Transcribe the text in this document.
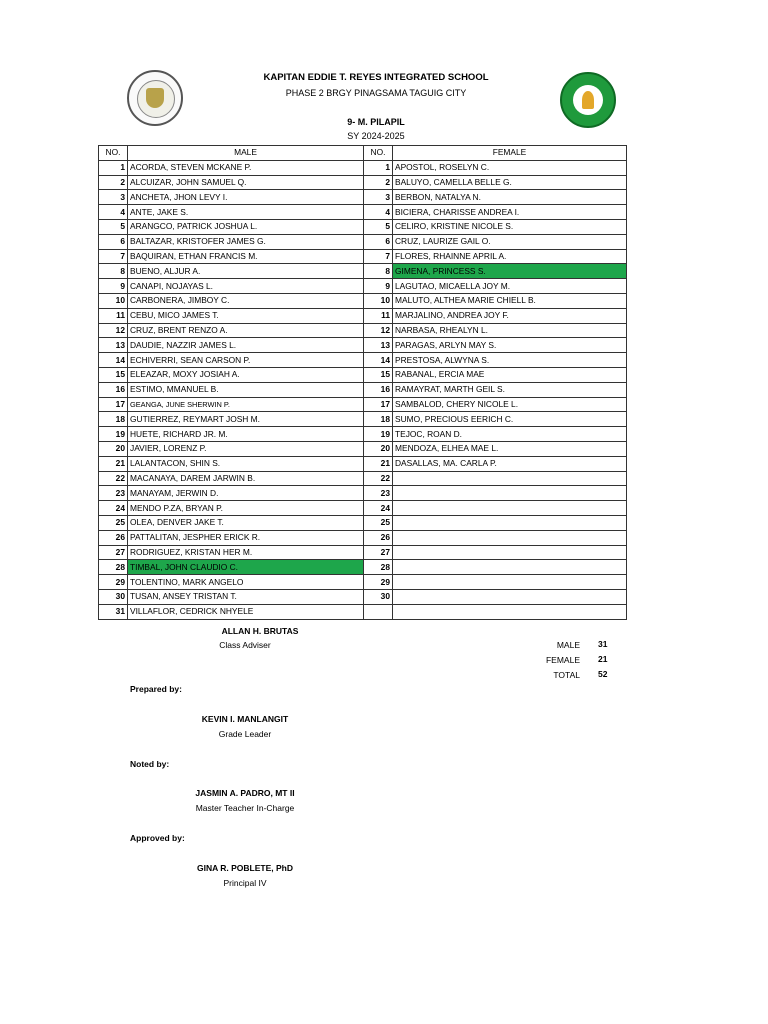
KAPITAN EDDIE T. REYES INTEGRATED SCHOOL
PHASE 2 BRGY PINAGSAMA TAGUIG CITY
9- M. PILAPIL
SY 2024-2025
NO.	MALE	NO.	FEMALE
1	ACORDA, STEVEN MCKANE P.	1	APOSTOL, ROSELYN C.
2	ALCUIZAR, JOHN SAMUEL Q.	2	BALUYO, CAMELLA BELLE G.
3	ANCHETA, JHON LEVY I.	3	BERBON, NATALYA N.
4	ANTE, JAKE S.	4	BICIERA, CHARISSE ANDREA I.
5	ARANGCO, PATRICK JOSHUA L.	5	CELIRO, KRISTINE NICOLE S.
6	BALTAZAR, KRISTOFER JAMES G.	6	CRUZ, LAURIZE GAIL O.
7	BAQUIRAN, ETHAN FRANCIS M.	7	FLORES, RHAINNE APRIL A.
8	BUENO, ALJUR A.	8	GIMENA, PRINCESS S.
9	CANAPI, NOJAYAS L.	9	LAGUTAO, MICAELLA JOY M.
10	CARBONERA, JIMBOY C.	10	MALUTO, ALTHEA MARIE CHIELL B.
11	CEBU, MICO JAMES T.	11	MARJALINO, ANDREA JOY F.
12	CRUZ, BRENT RENZO A.	12	NARBASA, RHEALYN L.
13	DAUDIE, NAZZIR JAMES L.	13	PARAGAS, ARLYN MAY S.
14	ECHIVERRI, SEAN CARSON P.	14	PRESTOSA, ALWYNA S.
15	ELEAZAR, MOXY JOSIAH A.	15	RABANAL, ERCIA MAE
16	ESTIMO, MMANUEL B.	16	RAMAYRAT, MARTH GEIL S.
17	GEANGA, JUNE SHERWIN P.	17	SAMBALOD, CHERY NICOLE L.
18	GUTIERREZ, REYMART JOSH M.	18	SUMO, PRECIOUS EERICH C.
19	HUETE, RICHARD JR. M.	19	TEJOC, ROAN D.
20	JAVIER, LORENZ P.	20	MENDOZA, ELHEA MAE L.
21	LALANTACON, SHIN S.	21	DASALLAS, MA. CARLA P.
22	MACANAYA, DAREM JARWIN B.	22	
23	MANAYAM, JERWIN D.	23	
24	MENDO P.ZA, BRYAN P.	24	
25	OLEA, DENVER JAKE T.	25	
26	PATTALITAN, JESPHER ERICK R.	26	
27	RODRIGUEZ, KRISTAN HER M.	27	
28	TIMBAL, JOHN CLAUDIO C.	28	
29	TOLENTINO, MARK ANGELO	29	
30	TUSAN, ANSEY TRISTAN T.	30	
31	VILLAFLOR, CEDRICK NHYELE		
ALLAN H. BRUTAS
Class Adviser	MALE 31
FEMALE 21
TOTAL 52
Prepared by:
KEVIN I. MANLANGIT
Grade Leader
Noted by:
JASMIN A. PADRO, MT II
Master Teacher In-Charge
Approved by:
GINA R. POBLETE, PhD
Principal IV
